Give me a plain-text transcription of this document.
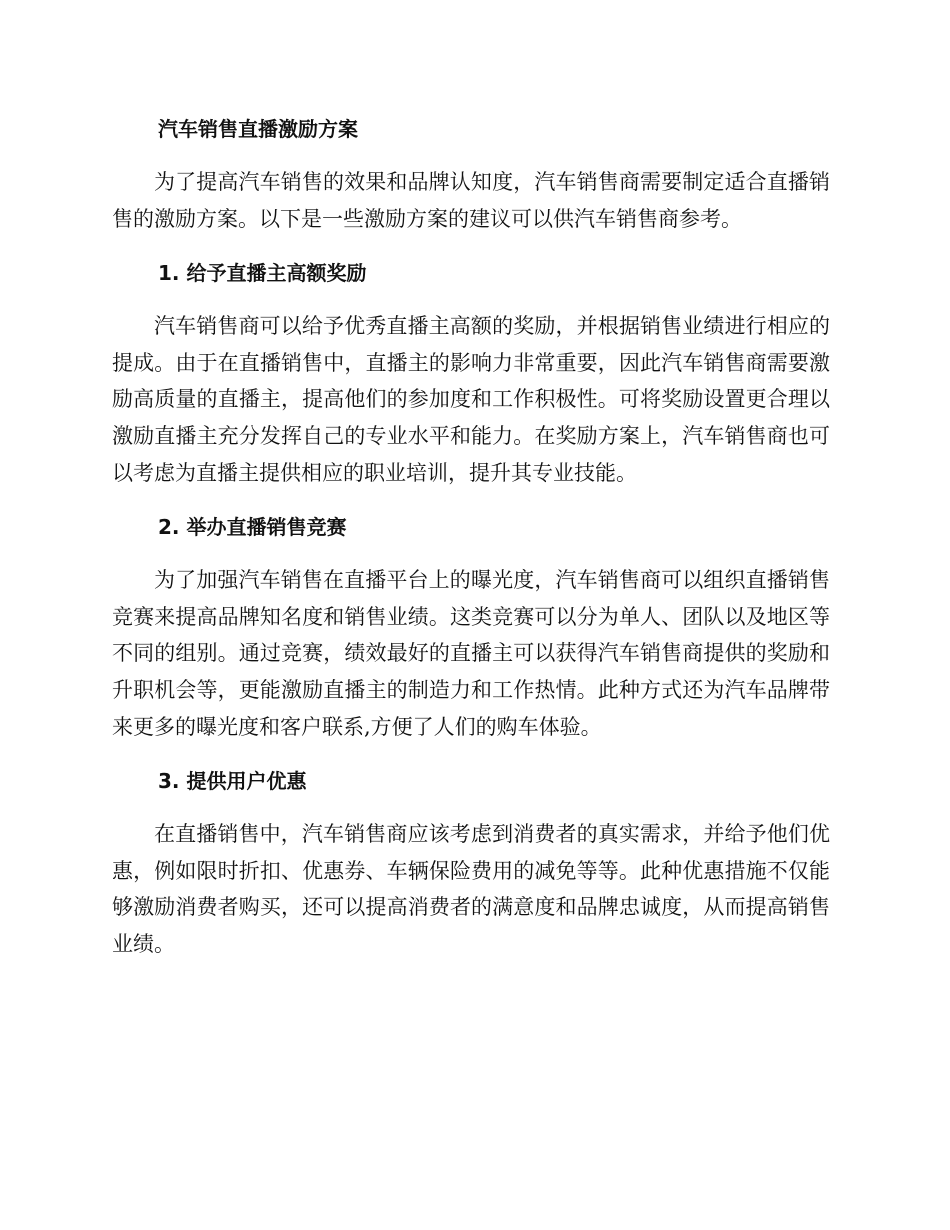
汽车销售直播激励方案

为了提高汽车销售的效果和品牌认知度，汽车销售商需要制定适合直播销售的激励方案。以下是一些激励方案的建议可以供汽车销售商参考。

1. 给予直播主高额奖励

汽车销售商可以给予优秀直播主高额的奖励，并根据销售业绩进行相应的提成。由于在直播销售中，直播主的影响力非常重要，因此汽车销售商需要激励高质量的直播主，提高他们的参加度和工作积极性。可将奖励设置更合理以激励直播主充分发挥自己的专业水平和能力。在奖励方案上，汽车销售商也可以考虑为直播主提供相应的职业培训，提升其专业技能。

2. 举办直播销售竞赛

为了加强汽车销售在直播平台上的曝光度，汽车销售商可以组织直播销售竞赛来提高品牌知名度和销售业绩。这类竞赛可以分为单人、团队以及地区等不同的组别。通过竞赛，绩效最好的直播主可以获得汽车销售商提供的奖励和升职机会等，更能激励直播主的制造力和工作热情。此种方式还为汽车品牌带来更多的曝光度和客户联系,方便了人们的购车体验。

3. 提供用户优惠

在直播销售中，汽车销售商应该考虑到消费者的真实需求，并给予他们优惠，例如限时折扣、优惠券、车辆保险费用的减免等等。此种优惠措施不仅能够激励消费者购买，还可以提高消费者的满意度和品牌忠诚度，从而提高销售业绩。
